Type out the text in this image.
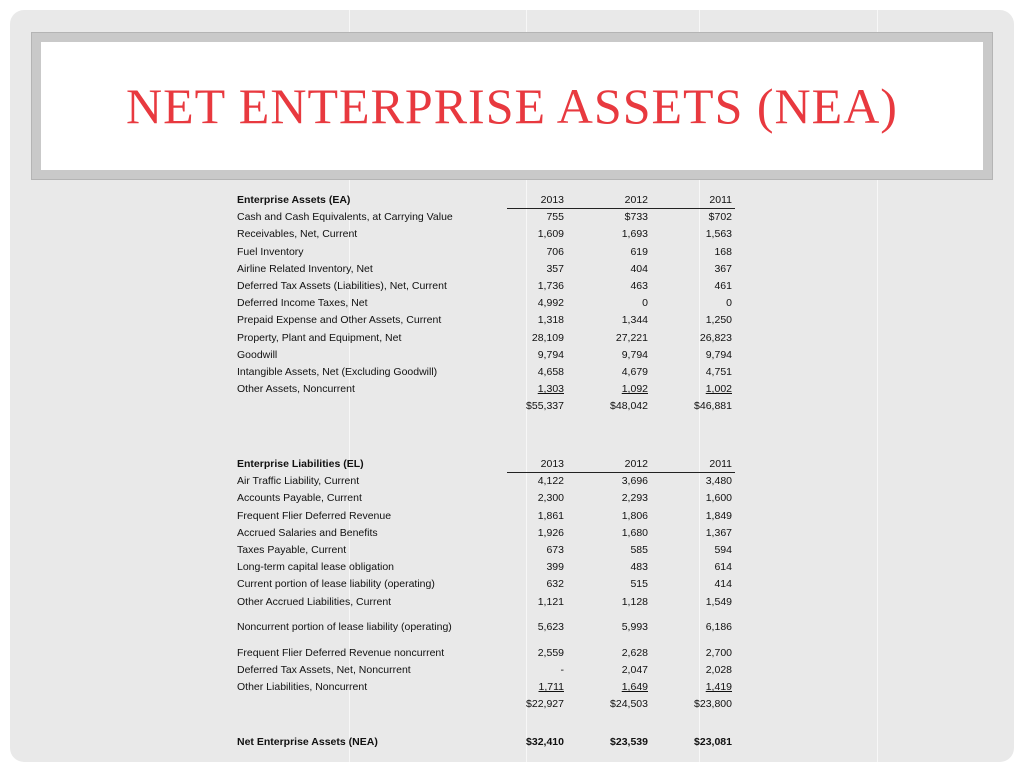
NET ENTERPRISE ASSETS (NEA)
Enterprise Assets (EA)	2013	2012	2011
Cash and Cash Equivalents, at Carrying Value	755	$733	$702
Receivables, Net, Current	1,609	1,693	1,563
Fuel Inventory	706	619	168
Airline Related Inventory, Net	357	404	367
Deferred Tax Assets (Liabilities), Net, Current	1,736	463	461
Deferred Income Taxes, Net	4,992	0	0
Prepaid Expense and Other Assets, Current	1,318	1,344	1,250
Property, Plant and Equipment, Net	28,109	27,221	26,823
Goodwill	9,794	9,794	9,794
Intangible Assets, Net (Excluding Goodwill)	4,658	4,679	4,751
Other Assets, Noncurrent	1,303	1,092	1,002
$55,337	$48,042	$46,881
Enterprise Liabilities (EL)	2013	2012	2011
Air Traffic Liability, Current	4,122	3,696	3,480
Accounts Payable, Current	2,300	2,293	1,600
Frequent Flier Deferred Revenue	1,861	1,806	1,849
Accrued Salaries and Benefits	1,926	1,680	1,367
Taxes Payable, Current	673	585	594
Long-term capital lease obligation	399	483	614
Current portion of lease liability (operating)	632	515	414
Other Accrued Liabilities, Current	1,121	1,128	1,549
Noncurrent portion of lease liability (operating)	5,623	5,993	6,186
Frequent Flier Deferred Revenue noncurrent	2,559	2,628	2,700
Deferred Tax Assets, Net, Noncurrent	-	2,047	2,028
Other Liabilities, Noncurrent	1,711	1,649	1,419
$22,927	$24,503	$23,800
Net Enterprise Assets (NEA)	$32,410	$23,539	$23,081
